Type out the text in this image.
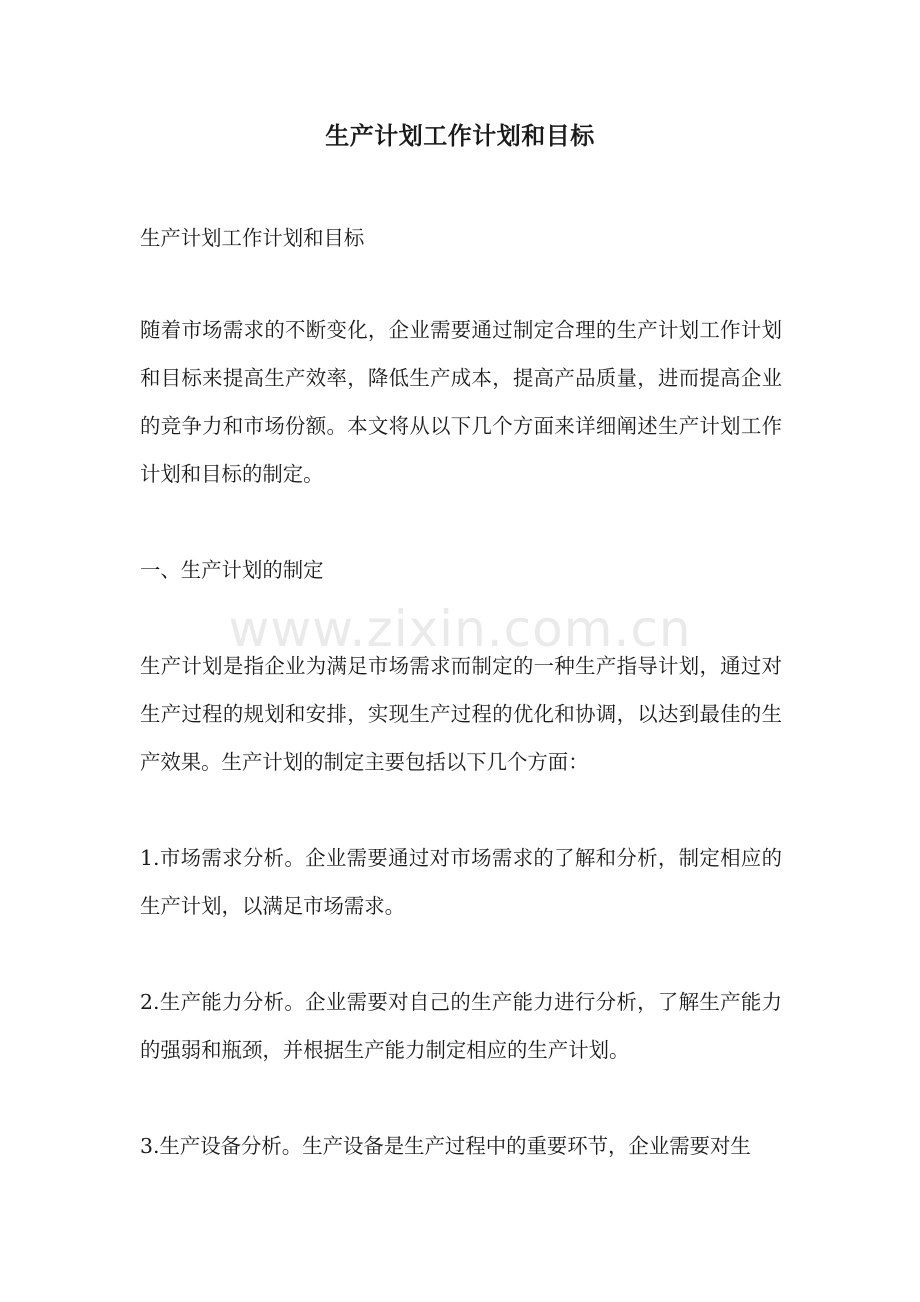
生产计划工作计划和目标

生产计划工作计划和目标

随着市场需求的不断变化，企业需要通过制定合理的生产计划工作计划和目标来提高生产效率，降低生产成本，提高产品质量，进而提高企业的竞争力和市场份额。本文将从以下几个方面来详细阐述生产计划工作计划和目标的制定。

一、生产计划的制定

生产计划是指企业为满足市场需求而制定的一种生产指导计划，通过对生产过程的规划和安排，实现生产过程的优化和协调，以达到最佳的生产效果。生产计划的制定主要包括以下几个方面：

1.市场需求分析。企业需要通过对市场需求的了解和分析，制定相应的生产计划，以满足市场需求。

2.生产能力分析。企业需要对自己的生产能力进行分析，了解生产能力的强弱和瓶颈，并根据生产能力制定相应的生产计划。

3.生产设备分析。生产设备是生产过程中的重要环节，企业需要对生

www.zixin.com.cn
